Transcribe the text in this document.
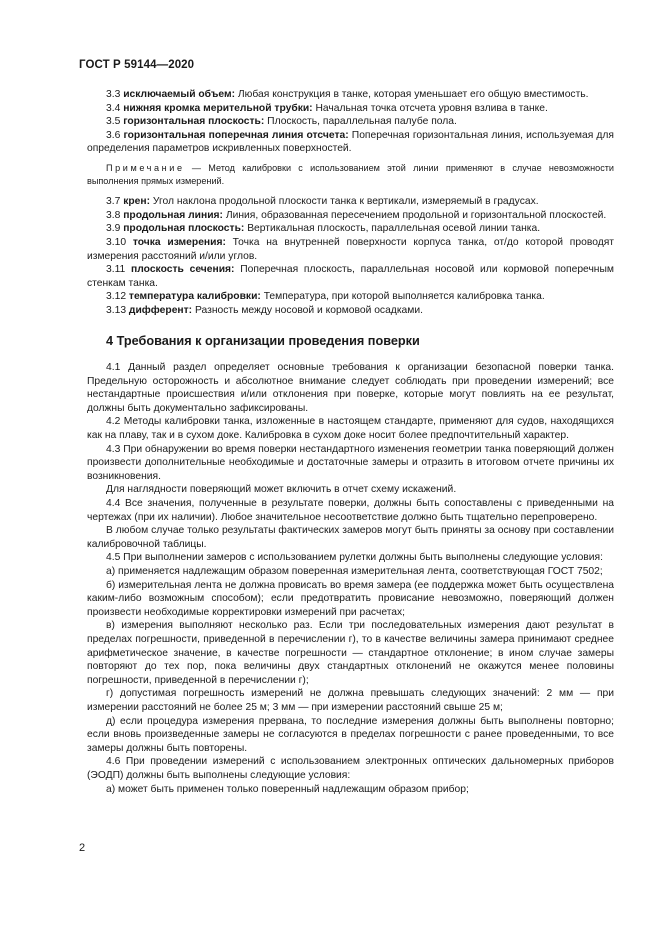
ГОСТ Р 59144—2020

3.3 исключаемый объем: Любая конструкция в танке, которая уменьшает его общую вместимость.

3.4 нижняя кромка мерительной трубки: Начальная точка отсчета уровня взлива в танке.

3.5 горизонтальная плоскость: Плоскость, параллельная палубе пола.

3.6 горизонтальная поперечная линия отсчета: Поперечная горизонтальная линия, используемая для определения параметров искривленных поверхностей.

Примечание — Метод калибровки с использованием этой линии применяют в случае невозможности выполнения прямых измерений.

3.7 крен: Угол наклона продольной плоскости танка к вертикали, измеряемый в градусах.

3.8 продольная линия: Линия, образованная пересечением продольной и горизонтальной плоскостей.

3.9 продольная плоскость: Вертикальная плоскость, параллельная осевой линии танка.

3.10 точка измерения: Точка на внутренней поверхности корпуса танка, от/до которой проводят измерения расстояний и/или углов.

3.11 плоскость сечения: Поперечная плоскость, параллельная носовой или кормовой поперечным стенкам танка.

3.12 температура калибровки: Температура, при которой выполняется калибровка танка.

3.13 дифферент: Разность между носовой и кормовой осадками.

4 Требования к организации проведения поверки

4.1 Данный раздел определяет основные требования к организации безопасной поверки танка. Предельную осторожность и абсолютное внимание следует соблюдать при проведении измерений; все нестандартные происшествия и/или отклонения при поверке, которые могут повлиять на ее результат, должны быть документально зафиксированы.

4.2 Методы калибровки танка, изложенные в настоящем стандарте, применяют для судов, находящихся как на плаву, так и в сухом доке. Калибровка в сухом доке носит более предпочтительный характер.

4.3 При обнаружении во время поверки нестандартного изменения геометрии танка поверяющий должен произвести дополнительные необходимые и достаточные замеры и отразить в итоговом отчете причины их возникновения.

Для наглядности поверяющий может включить в отчет схему искажений.

4.4 Все значения, полученные в результате поверки, должны быть сопоставлены с приведенными на чертежах (при их наличии). Любое значительное несоответствие должно быть тщательно перепроверено.

В любом случае только результаты фактических замеров могут быть приняты за основу при составлении калибровочной таблицы.

4.5 При выполнении замеров с использованием рулетки должны быть выполнены следующие условия:

а) применяется надлежащим образом поверенная измерительная лента, соответствующая ГОСТ 7502;

б) измерительная лента не должна провисать во время замера (ее поддержка может быть осуществлена каким-либо возможным способом); если предотвратить провисание невозможно, поверяющий должен произвести необходимые корректировки измерений при расчетах;

в) измерения выполняют несколько раз. Если три последовательных измерения дают результат в пределах погрешности, приведенной в перечислении г), то в качестве величины замера принимают среднее арифметическое значение, в качестве погрешности — стандартное отклонение; в ином случае замеры повторяют до тех пор, пока величины двух стандартных отклонений не окажутся менее половины погрешности, приведенной в перечислении г);

г) допустимая погрешность измерений не должна превышать следующих значений: 2 мм — при измерении расстояний не более 25 м; 3 мм — при измерении расстояний свыше 25 м;

д) если процедура измерения прервана, то последние измерения должны быть выполнены повторно; если вновь произведенные замеры не согласуются в пределах погрешности с ранее проведенными, то все замеры должны быть повторены.

4.6 При проведении измерений с использованием электронных оптических дальномерных приборов (ЭОДП) должны быть выполнены следующие условия:

а) может быть применен только поверенный надлежащим образом прибор;

2
